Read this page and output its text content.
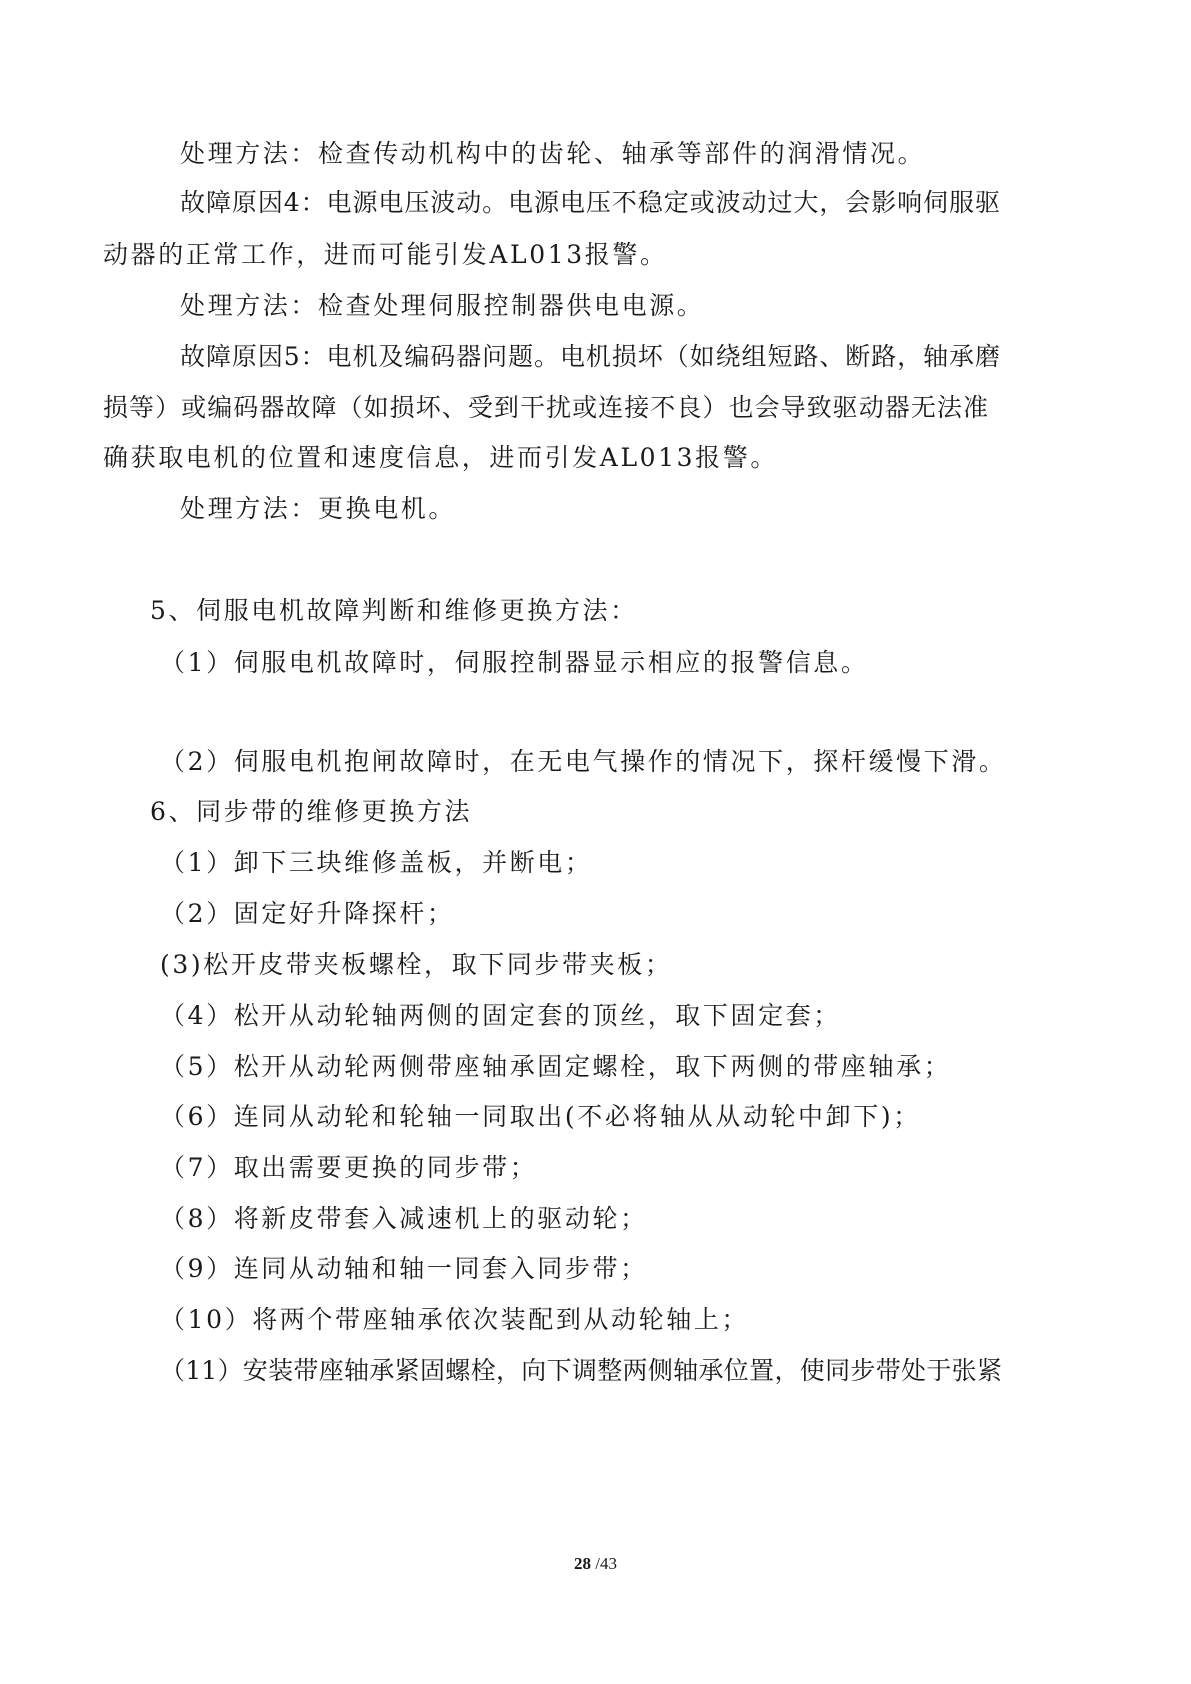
处理方法：检查传动机构中的齿轮、轴承等部件的润滑情况。
故障原因4：电源电压波动。电源电压不稳定或波动过大，会影响伺服驱
动器的正常工作，进而可能引发AL013报警。
处理方法：检查处理伺服控制器供电电源。
故障原因5：电机及编码器问题。电机损坏（如绕组短路、断路，轴承磨
损等）或编码器故障（如损坏、受到干扰或连接不良）也会导致驱动器无法准
确获取电机的位置和速度信息，进而引发AL013报警。
处理方法：更换电机。
5、伺服电机故障判断和维修更换方法：
（1）伺服电机故障时，伺服控制器显示相应的报警信息。
（2）伺服电机抱闸故障时，在无电气操作的情况下，探杆缓慢下滑。
6、同步带的维修更换方法
（1）卸下三块维修盖板，并断电；
（2）固定好升降探杆；
(3)松开皮带夹板螺栓，取下同步带夹板；
（4）松开从动轮轴两侧的固定套的顶丝，取下固定套；
（5）松开从动轮两侧带座轴承固定螺栓，取下两侧的带座轴承；
（6）连同从动轮和轮轴一同取出(不必将轴从从动轮中卸下)；
（7）取出需要更换的同步带；
（8）将新皮带套入减速机上的驱动轮；
（9）连同从动轴和轴一同套入同步带；
（10）将两个带座轴承依次装配到从动轮轴上；
（11）安装带座轴承紧固螺栓，向下调整两侧轴承位置，使同步带处于张紧
28 /43
